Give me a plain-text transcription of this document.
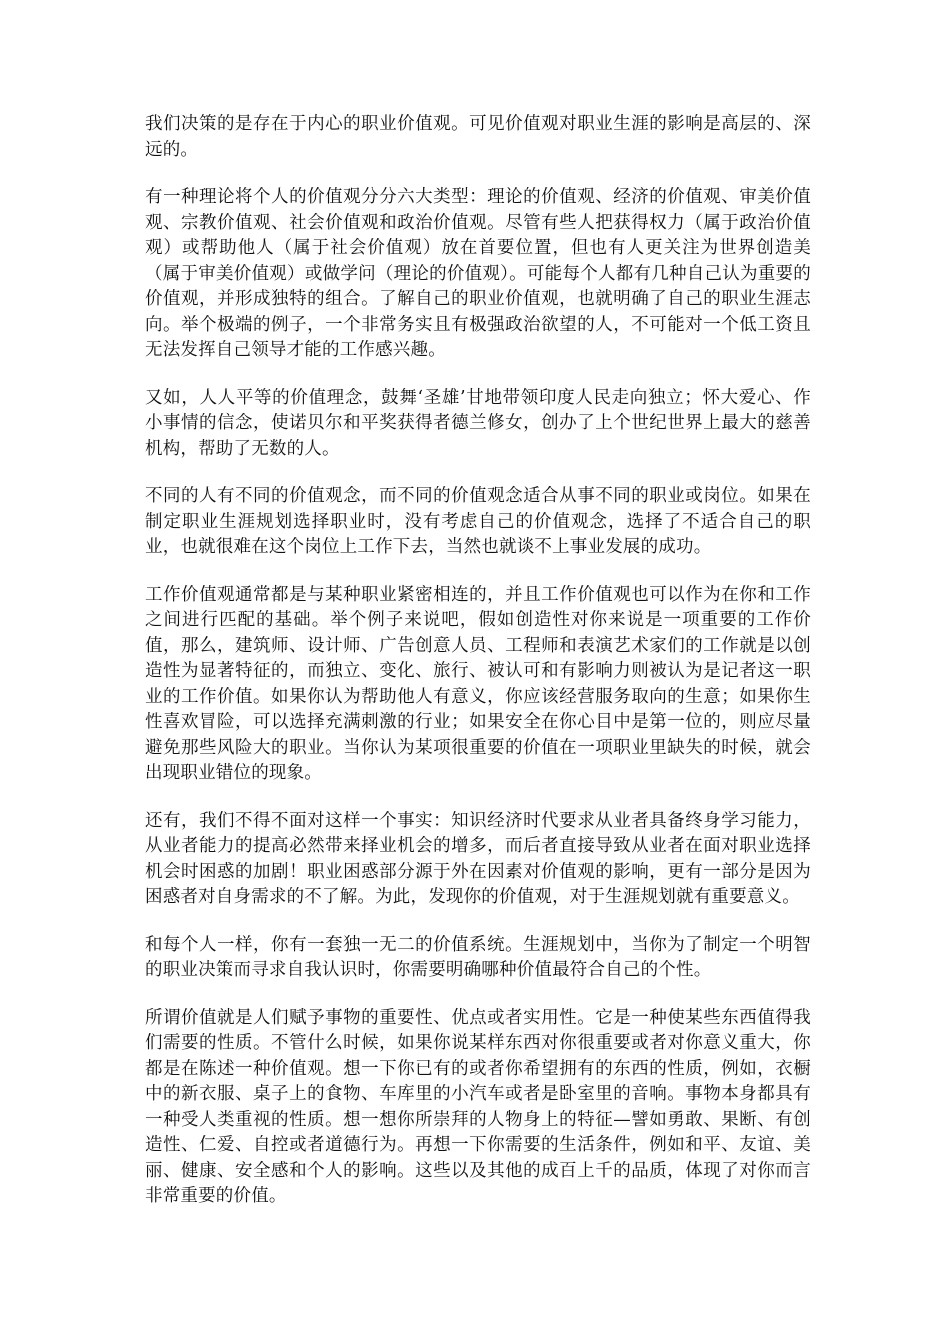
我们决策的是存在于内心的职业价值观。可见价值观对职业生涯的影响是高层的、深远的。

有一种理论将个人的价值观分分六大类型：理论的价值观、经济的价值观、审美价值观、宗教价值观、社会价值观和政治价值观。尽管有些人把获得权力（属于政治价值观）或帮助他人（属于社会价值观）放在首要位置，但也有人更关注为世界创造美（属于审美价值观）或做学问（理论的价值观）。可能每个人都有几种自己认为重要的价值观，并形成独特的组合。了解自己的职业价值观，也就明确了自己的职业生涯志向。举个极端的例子，一个非常务实且有极强政治欲望的人，不可能对一个低工资且无法发挥自己领导才能的工作感兴趣。

又如，人人平等的价值理念，鼓舞‘圣雄’甘地带领印度人民走向独立；怀大爱心、作小事情的信念，使诺贝尔和平奖获得者德兰修女，创办了上个世纪世界上最大的慈善机构，帮助了无数的人。

不同的人有不同的价值观念，而不同的价值观念适合从事不同的职业或岗位。如果在制定职业生涯规划选择职业时，没有考虑自己的价值观念，选择了不适合自己的职业，也就很难在这个岗位上工作下去，当然也就谈不上事业发展的成功。

工作价值观通常都是与某种职业紧密相连的，并且工作价值观也可以作为在你和工作之间进行匹配的基础。举个例子来说吧，假如创造性对你来说是一项重要的工作价值，那么，建筑师、设计师、广告创意人员、工程师和表演艺术家们的工作就是以创造性为显著特征的，而独立、变化、旅行、被认可和有影响力则被认为是记者这一职业的工作价值。如果你认为帮助他人有意义，你应该经营服务取向的生意；如果你生性喜欢冒险，可以选择充满刺激的行业；如果安全在你心目中是第一位的，则应尽量避免那些风险大的职业。当你认为某项很重要的价值在一项职业里缺失的时候，就会出现职业错位的现象。

还有，我们不得不面对这样一个事实：知识经济时代要求从业者具备终身学习能力，从业者能力的提高必然带来择业机会的增多，而后者直接导致从业者在面对职业选择机会时困惑的加剧！职业困惑部分源于外在因素对价值观的影响，更有一部分是因为困惑者对自身需求的不了解。为此，发现你的价值观，对于生涯规划就有重要意义。

和每个人一样，你有一套独一无二的价值系统。生涯规划中，当你为了制定一个明智的职业决策而寻求自我认识时，你需要明确哪种价值最符合自己的个性。

所谓价值就是人们赋予事物的重要性、优点或者实用性。它是一种使某些东西值得我们需要的性质。不管什么时候，如果你说某样东西对你很重要或者对你意义重大，你都是在陈述一种价值观。想一下你已有的或者你希望拥有的东西的性质，例如，衣橱中的新衣服、桌子上的食物、车库里的小汽车或者是卧室里的音响。事物本身都具有一种受人类重视的性质。想一想你所崇拜的人物身上的特征—譬如勇敢、果断、有创造性、仁爱、自控或者道德行为。再想一下你需要的生活条件，例如和平、友谊、美丽、健康、安全感和个人的影响。这些以及其他的成百上千的品质，体现了对你而言非常重要的价值。
